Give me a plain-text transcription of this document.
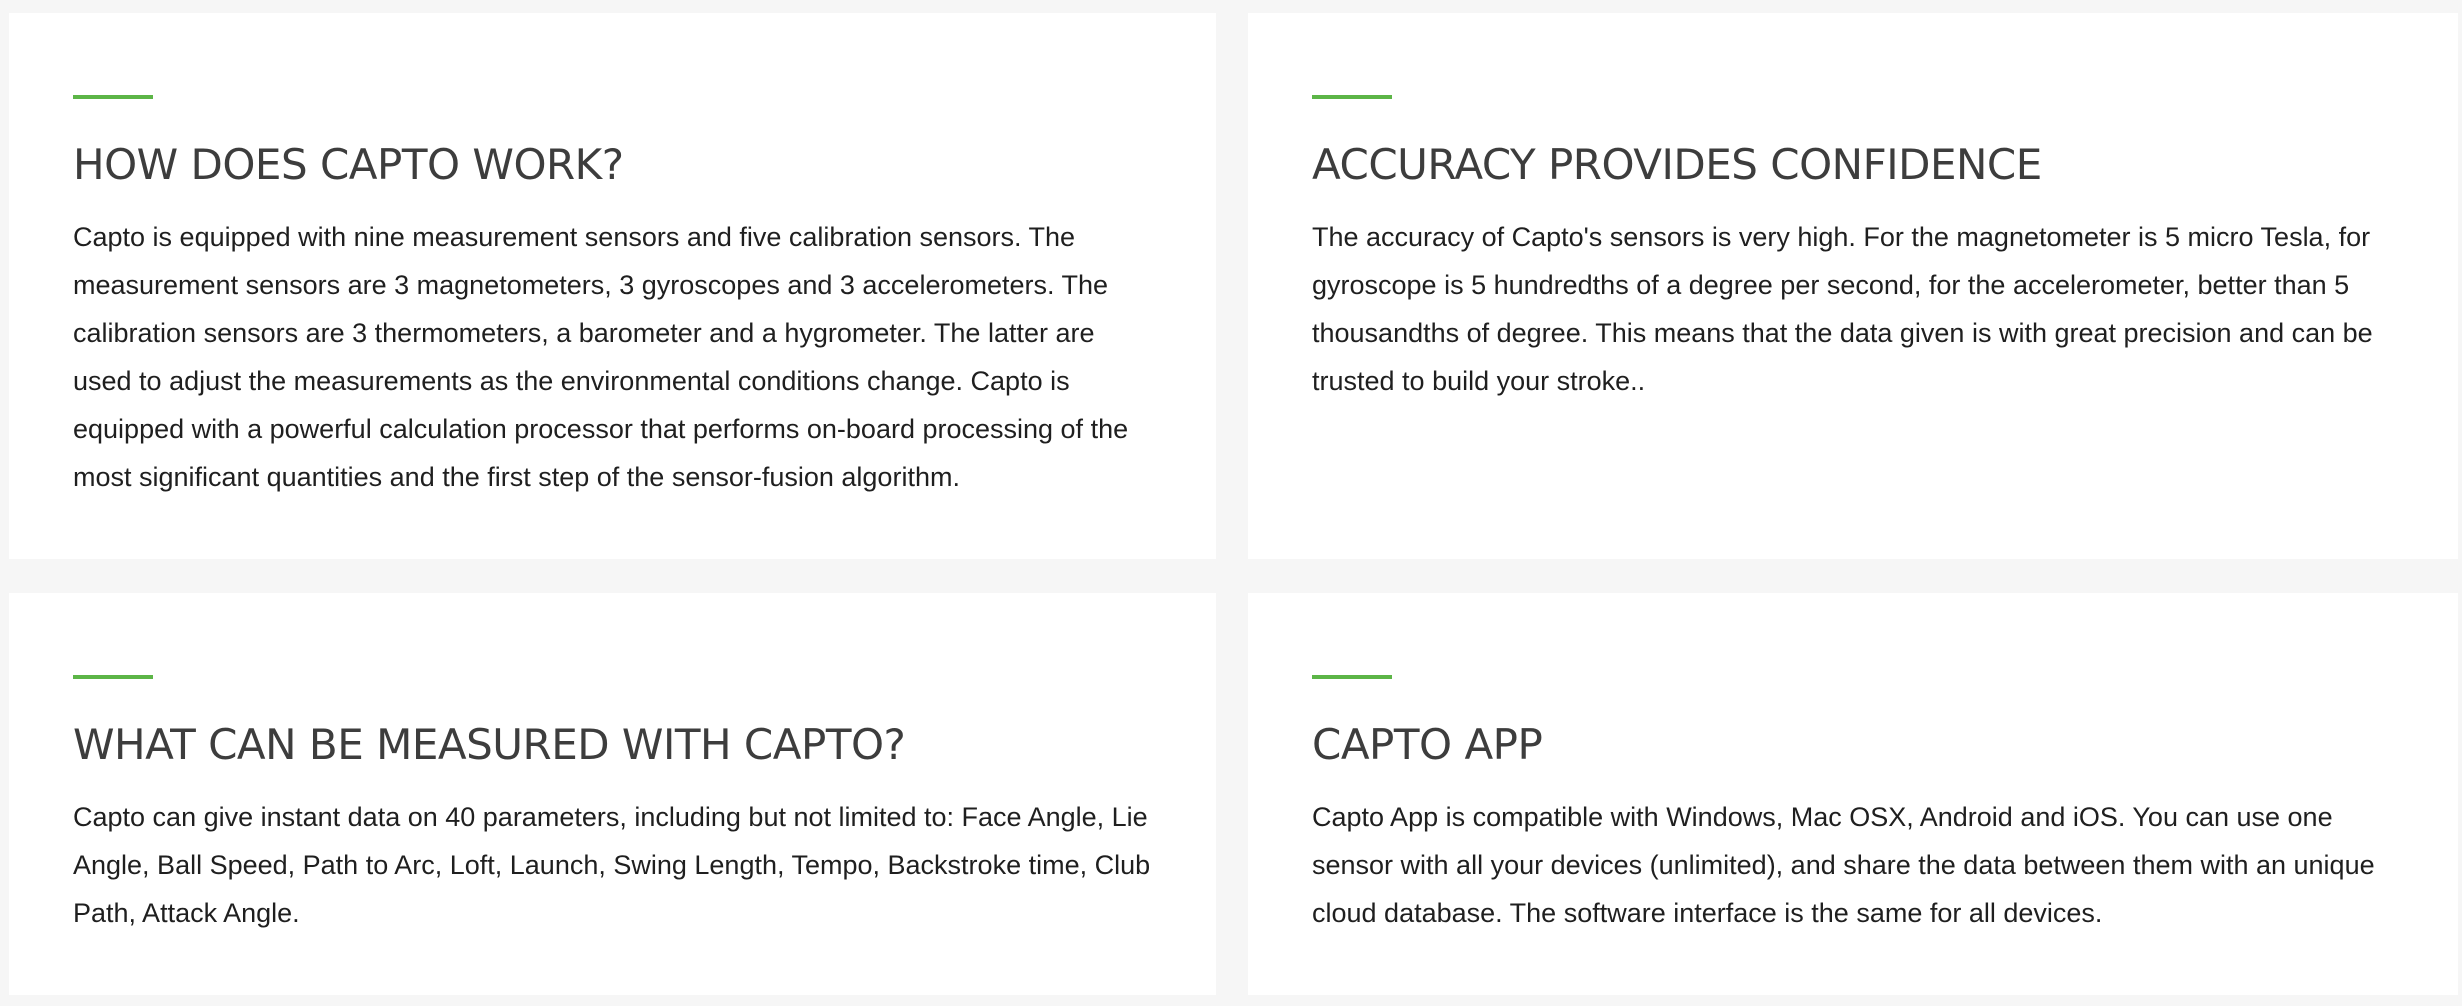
HOW DOES CAPTO WORK?

Capto is equipped with nine measurement sensors and five calibration sensors. The measurement sensors are 3 magnetometers, 3 gyroscopes and 3 accelerometers. The calibration sensors are 3 thermometers, a barometer and a hygrometer. The latter are used to adjust the measurements as the environmental conditions change. Capto is equipped with a powerful calculation processor that performs on-board processing of the most significant quantities and the first step of the sensor-fusion algorithm.

ACCURACY PROVIDES CONFIDENCE

The accuracy of Capto's sensors is very high. For the magnetometer is 5 micro Tesla, for gyroscope is 5 hundredths of a degree per second, for the accelerometer, better than 5 thousandths of degree. This means that the data given is with great precision and can be trusted to build your stroke..

WHAT CAN BE MEASURED WITH CAPTO?

Capto can give instant data on 40 parameters, including but not limited to: Face Angle, Lie Angle, Ball Speed, Path to Arc, Loft, Launch, Swing Length, Tempo, Backstroke time, Club Path, Attack Angle.

CAPTO APP

Capto App is compatible with Windows, Mac OSX, Android and iOS. You can use one sensor with all your devices (unlimited), and share the data between them with an unique cloud database. The software interface is the same for all devices.
